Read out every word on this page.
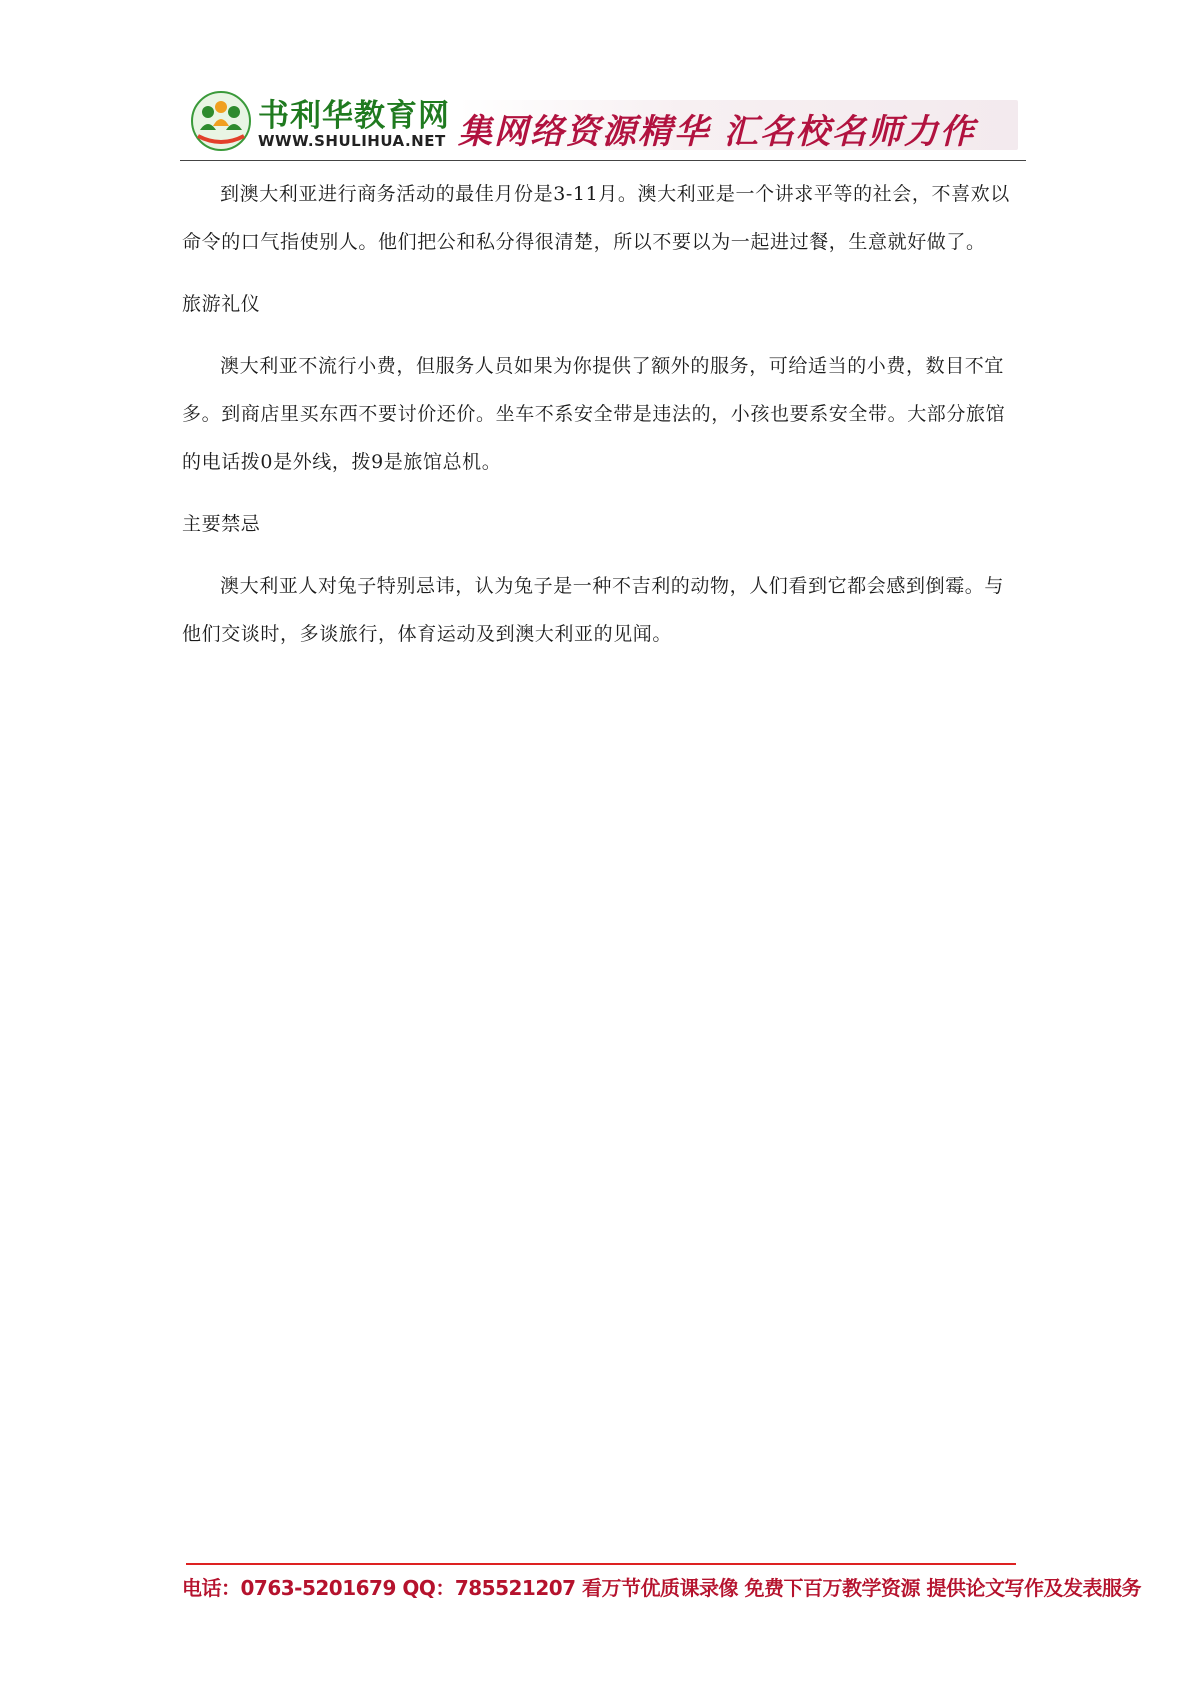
书利华教育网
WWW.SHULIHUA.NET 集网络资源精华 汇名校名师力作

到澳大利亚进行商务活动的最佳月份是3-11月。澳大利亚是一个讲求平等的社会，不喜欢以命令的口气指使别人。他们把公和私分得很清楚，所以不要以为一起进过餐，生意就好做了。

旅游礼仪

澳大利亚不流行小费，但服务人员如果为你提供了额外的服务，可给适当的小费，数目不宜多。到商店里买东西不要讨价还价。坐车不系安全带是违法的，小孩也要系安全带。大部分旅馆的电话拨0是外线，拨9是旅馆总机。

主要禁忌

澳大利亚人对兔子特别忌讳，认为兔子是一种不吉利的动物，人们看到它都会感到倒霉。与他们交谈时，多谈旅行，体育运动及到澳大利亚的见闻。

电话：0763-5201679 QQ：785521207 看万节优质课录像 免费下百万教学资源 提供论文写作及发表服务
